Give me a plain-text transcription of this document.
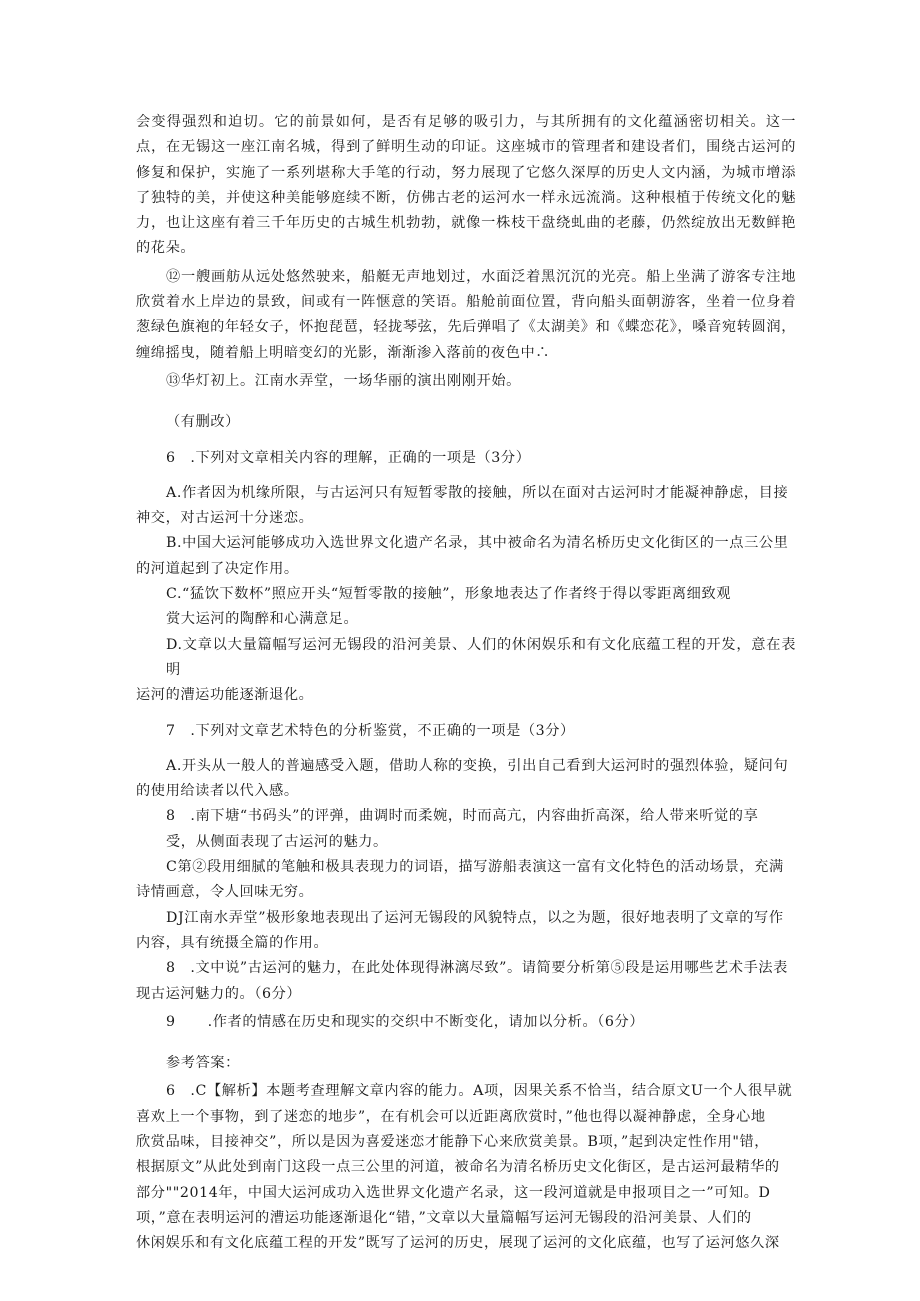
会变得强烈和迫切。它的前景如何，是否有足够的吸引力，与其所拥有的文化蕴涵密切相关。这一点，在无锡这一座江南名城，得到了鲜明生动的印证。这座城市的管理者和建设者们，围绕古运河的修复和保护，实施了一系列堪称大手笔的行动，努力展现了它悠久深厚的历史人文内涵，为城市增添了独特的美，并使这种美能够庭续不断，仿佛古老的运河水一样永远流淌。这种根植于传统文化的魅力，也让这座有着三千年历史的古城生机勃勃，就像一株枝干盘绕虬曲的老藤，仍然绽放出无数鲜艳的花朵。

⑫一艘画舫从远处悠然驶来，船艇无声地划过，水面泛着黑沉沉的光亮。船上坐满了游客专注地欣赏着水上岸边的景致，间或有一阵惬意的笑语。船舱前面位置，背向船头面朝游客，坐着一位身着葱绿色旗袍的年轻女子，怀抱琵琶，轻拢琴弦，先后弹唱了《太湖美》和《蝶恋花》，嗓音宛转圆润，缠绵摇曳，随着船上明暗变幻的光影，渐渐渗入落前的夜色中∴

⑬华灯初上。江南水弄堂，一场华丽的演出刚刚开始。

（有删改）

6　.下列对文章相关内容的理解，正确的一项是（3分）

A.作者因为机缘所限，与古运河只有短暂零散的接触，所以在面对古运河时才能凝神静虑，目接

神交，对古运河十分迷恋。

B.中国大运河能够成功入选世界文化遗产名录，其中被命名为清名桥历史文化街区的一点三公里

的河道起到了决定作用。

C.“猛饮下数杯”照应开头“短暂零散的接触”，形象地表达了作者终于得以零距离细致观

赏大运河的陶醉和心满意足。

D.文章以大量篇幅写运河无锡段的沿河美景、人们的休闲娱乐和有文化底蕴工程的开发，意在表明

运河的漕运功能逐渐退化。

7　.下列对文章艺术特色的分析鉴赏，不正确的一项是（3分）

A.开头从一般人的普遍感受入题，借助人称的变换，引出自己看到大运河时的强烈体验，疑问句

的使用给读者以代入感。

8　.南下塘“书码头”的评弹，曲调时而柔婉，时而高亢，内容曲折高深，给人带来听觉的享

受，从侧面表现了古运河的魅力。

C第②段用细腻的笔触和极具表现力的词语，描写游船表演这一富有文化特色的活动场景，充满

诗情画意，令人回味无穷。

DJ江南水弄堂”极形象地表现出了运河无锡段的风貌特点，以之为题，很好地表明了文章的写作

内容，具有统摄全篇的作用。

8　.文中说”古运河的魅力，在此处体现得淋漓尽致”。请简要分析第⑤段是运用哪些艺术手法表

现古运河魅力的。（6分）

9 .作者的情感在历史和现实的交织中不断变化，请加以分析。（6分）

参考答案：

6　.C【解析】本题考查理解文章内容的能力。A项，因果关系不恰当，结合原文U一个人很早就

喜欢上一个事物，到了迷恋的地步”，在有机会可以近距离欣赏时，”他也得以凝神静虑，全身心地

欣赏品味，目接神交”，所以是因为喜爱迷恋才能静下心来欣赏美景。B项，”起到决定性作用"错，

根据原文”从此处到南门这段一点三公里的河道，被命名为清名桥历史文化街区，是古运河最精华的

部分""2014年，中国大运河成功入选世界文化遗产名录，这一段河道就是申报项目之一”可知。D

项，”意在表明运河的漕运功能逐渐退化“错，”文章以大量篇幅写运河无锡段的沿河美景、人们的

休闲娱乐和有文化底蕴工程的开发”既写了运河的历史，展现了运河的文化底蕴，也写了运河悠久深
